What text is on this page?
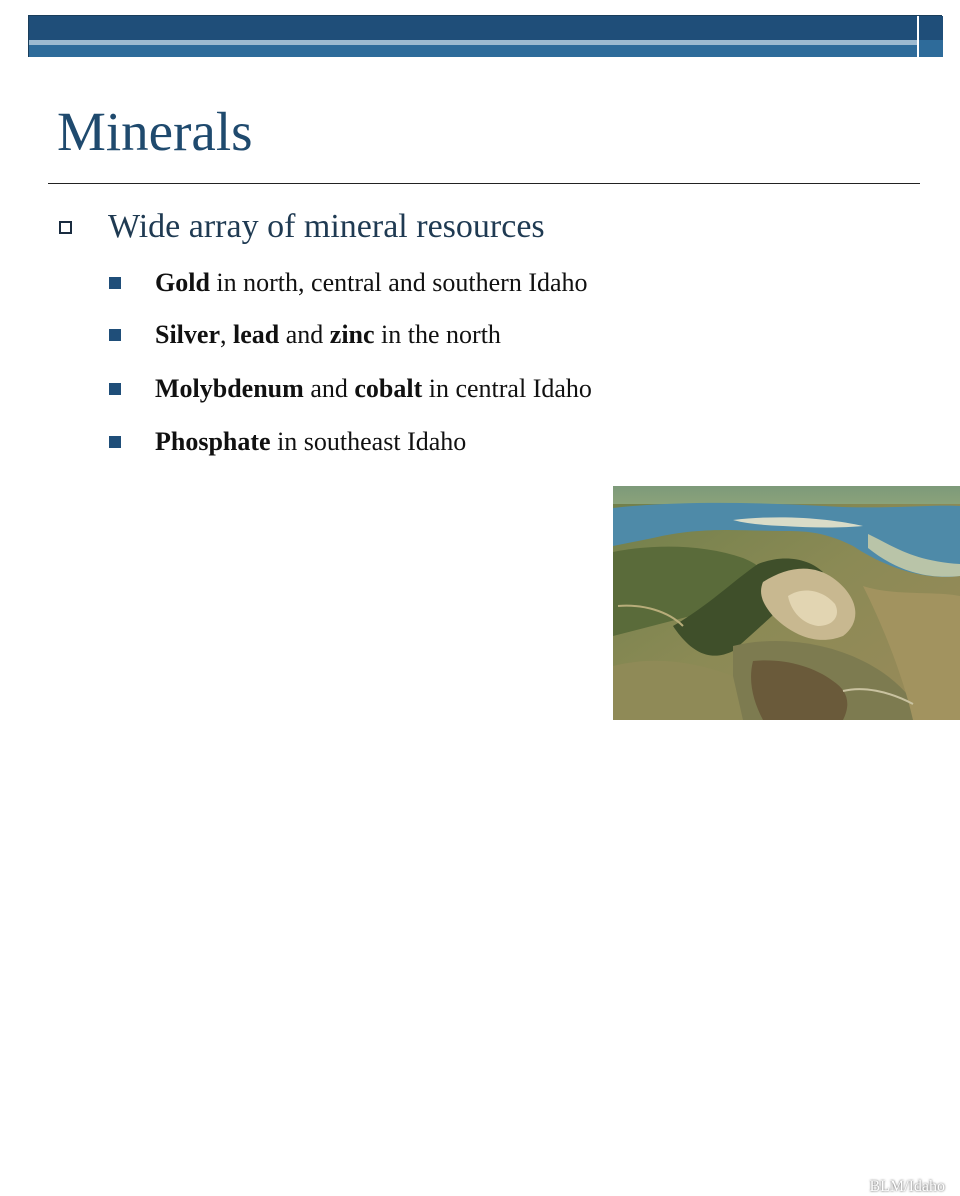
Minerals
Wide array of mineral resources
Gold in north, central and southern Idaho
Silver, lead and zinc in the north
Molybdenum and cobalt in central Idaho
Phosphate in southeast Idaho
BLM/Idaho
